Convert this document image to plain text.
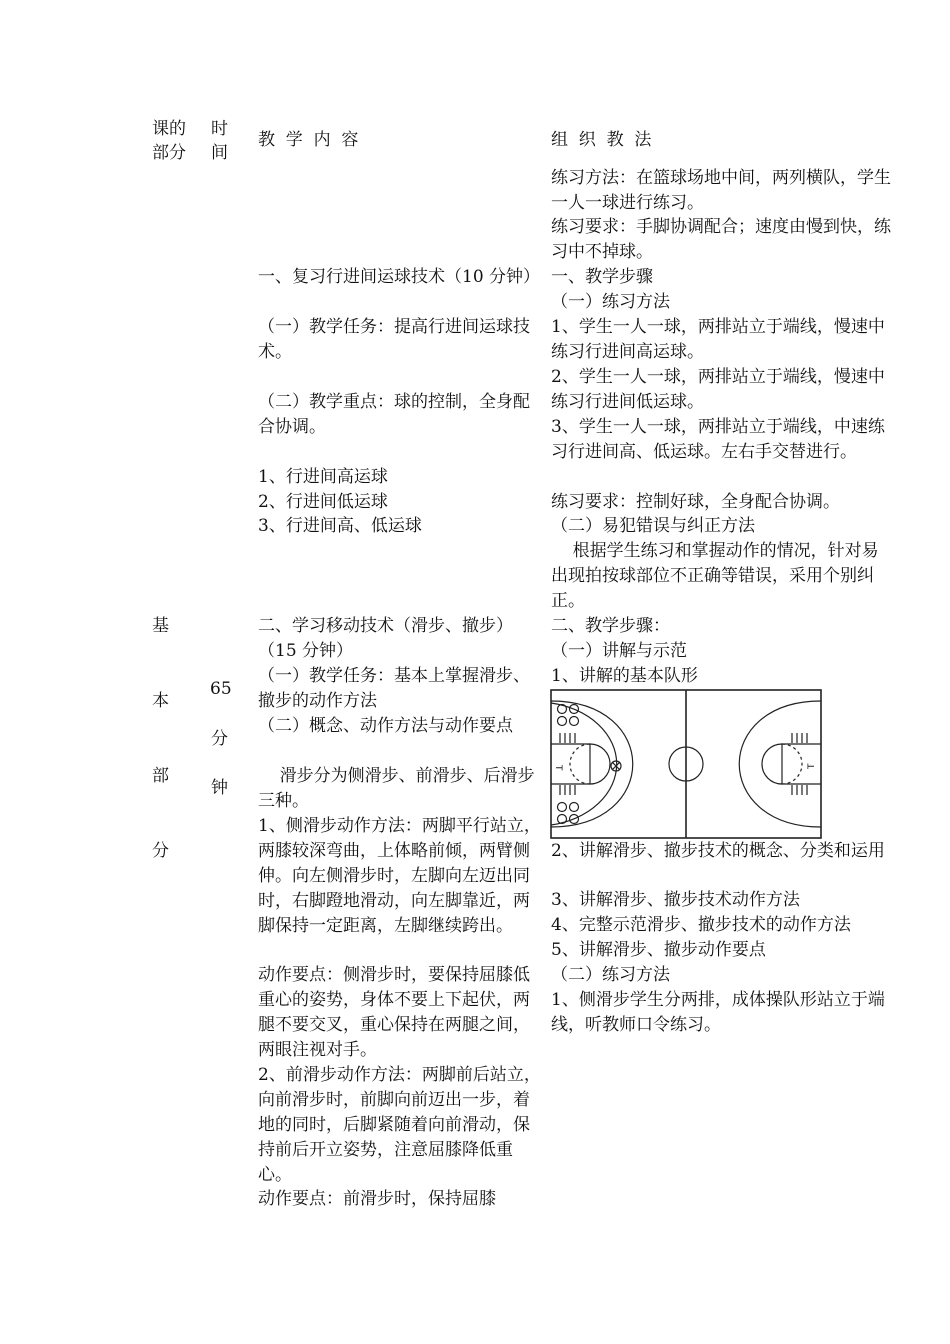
课的
部分
时
间
教  学  内  容	组  织  教  法
基
本
部
分
65
分
钟
一、复习行进间运球技术（10 分钟）
（一）教学任务：提高行进间运球技术。
（二）教学重点：球的控制，全身配合协调。
1、行进间高运球
2、行进间低运球
3、行进间高、低运球
二、学习移动技术（滑步、撤步）（15 分钟）
（一）教学任务：基本上掌握滑步、撤步的动作方法
（二）概念、动作方法与动作要点
滑步分为侧滑步、前滑步、后滑步三种。
1、侧滑步动作方法：两脚平行站立，两膝较深弯曲，上体略前倾，两臂侧伸。向左侧滑步时，左脚向左迈出同时，右脚蹬地滑动，向左脚靠近，两脚保持一定距离，左脚继续跨出。
动作要点：侧滑步时，要保持屈膝低重心的姿势，身体不要上下起伏，两腿不要交叉，重心保持在两腿之间，两眼注视对手。
2、前滑步动作方法：两脚前后站立，向前滑步时，前脚向前迈出一步，着地的同时，后脚紧随着向前滑动，保持前后开立姿势，注意屈膝降低重心。
动作要点：前滑步时，保持屈膝
练习方法：在篮球场地中间，两列横队，学生一人一球进行练习。
练习要求：手脚协调配合；速度由慢到快，练习中不掉球。
一、教学步骤
（一）练习方法
1、学生一人一球，两排站立于端线，慢速中练习行进间高运球。
2、学生一人一球，两排站立于端线，慢速中练习行进间低运球。
3、学生一人一球，两排站立于端线，中速练习行进间高、低运球。左右手交替进行。
练习要求：控制好球，全身配合协调。
（二）易犯错误与纠正方法
根据学生练习和掌握动作的情况，针对易出现拍按球部位不正确等错误，采用个别纠正。
二、教学步骤：
（一）讲解与示范
1、讲解的基本队形
T	T
2、讲解滑步、撤步技术的概念、分类和运用
3、讲解滑步、撤步技术动作方法
4、完整示范滑步、撤步技术的动作方法
5、讲解滑步、撤步动作要点
（二）练习方法
1、侧滑步学生分两排，成体操队形站立于端线，听教师口令练习。
